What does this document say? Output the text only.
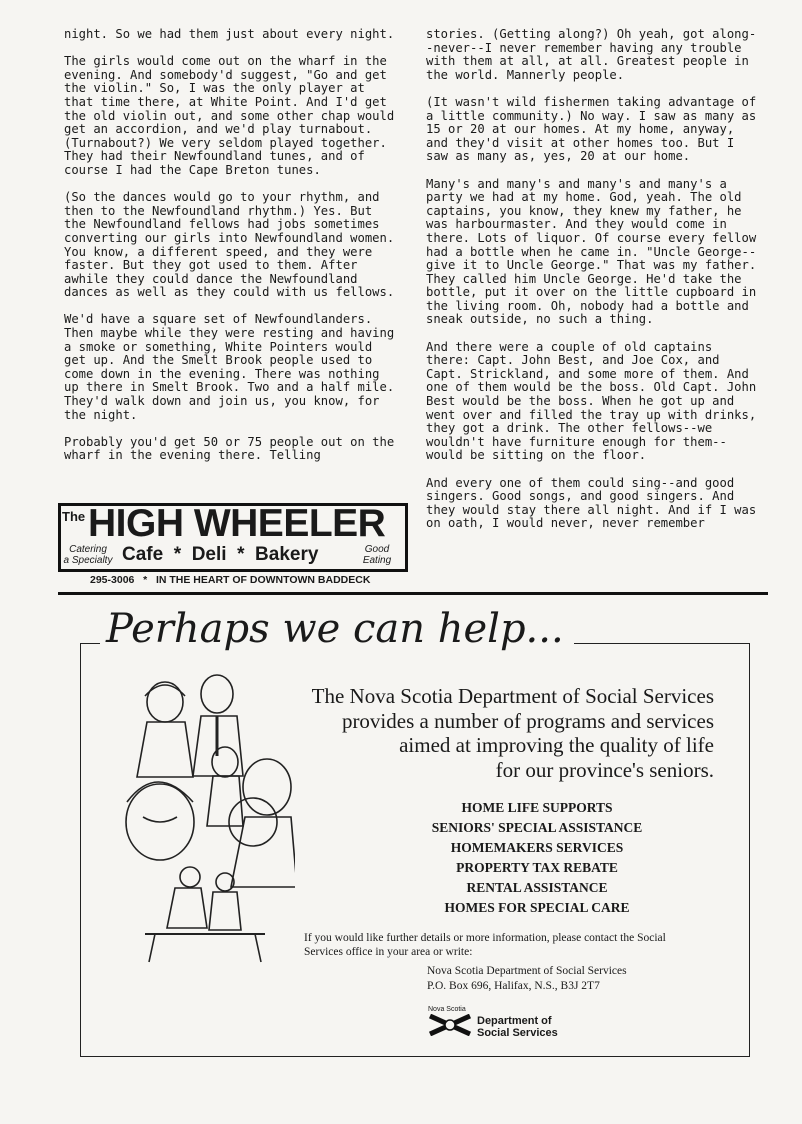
night. So we had them just about every night.

The girls would come out on the wharf in the evening. And somebody'd suggest, "Go and get the violin." So, I was the only player at that time there, at White Point. And I'd get the old violin out, and some other chap would get an accordion, and we'd play turnabout. (Turnabout?) We very seldom played together. They had their Newfoundland tunes, and of course I had the Cape Breton tunes.

(So the dances would go to your rhythm, and then to the Newfoundland rhythm.) Yes. But the Newfoundland fellows had jobs sometimes converting our girls into Newfoundland women. You know, a different speed, and they were faster. But they got used to them. After awhile they could dance the Newfoundland dances as well as they could with us fellows.

We'd have a square set of Newfoundlanders. Then maybe while they were resting and having a smoke or something, White Pointers would get up. And the Smelt Brook people used to come down in the evening. There was nothing up there in Smelt Brook. Two and a half mile. They'd walk down and join us, you know, for the night.

Probably you'd get 50 or 75 people out on the wharf in the evening there. Telling

stories. (Getting along?) Oh yeah, got along--never--I never remember having any trouble with them at all, at all. Greatest people in the world. Mannerly people.

(It wasn't wild fishermen taking advantage of a little community.) No way. I saw as many as 15 or 20 at our homes. At my home, anyway, and they'd visit at other homes too. But I saw as many as, yes, 20 at our home.

Many's and many's and many's and many's a party we had at my home. God, yeah. The old captains, you know, they knew my father, he was harbourmaster. And they would come in there. Lots of liquor. Of course every fellow had a bottle when he came in. "Uncle George--give it to Uncle George." That was my father. They called him Uncle George. He'd take the bottle, put it over on the little cupboard in the living room. Oh, nobody had a bottle and sneak outside, no such a thing.

And there were a couple of old captains there: Capt. John Best, and Joe Cox, and Capt. Strickland, and some more of them. And one of them would be the boss. Old Capt. John Best would be the boss. When he got up and went over and filled the tray up with drinks, they got a drink. The other fellows--we wouldn't have furniture enough for them--would be sitting on the floor.

And every one of them could sing--and good singers. Good songs, and good singers. And they would stay there all night. And if I was on oath, I would never, never remember

The HIGH WHEELER
Catering
a Specialty Cafe  *  Deli  *  Bakery	Good
Eating
295-3006   *   IN THE HEART OF DOWNTOWN BADDECK
Perhaps we can help...
The Nova Scotia Department of Social Services
provides a number of programs and services
aimed at improving the quality of life
for our province's seniors.
HOME LIFE SUPPORTS
SENIORS' SPECIAL ASSISTANCE
HOMEMAKERS SERVICES
PROPERTY TAX REBATE
RENTAL ASSISTANCE
HOMES FOR SPECIAL CARE
If you would like further details or more information, please contact the Social
Services office in your area or write:
Nova Scotia Department of Social Services
P.O. Box 696, Halifax, N.S., B3J 2T7
Nova Scotia
Department of
Social Services
